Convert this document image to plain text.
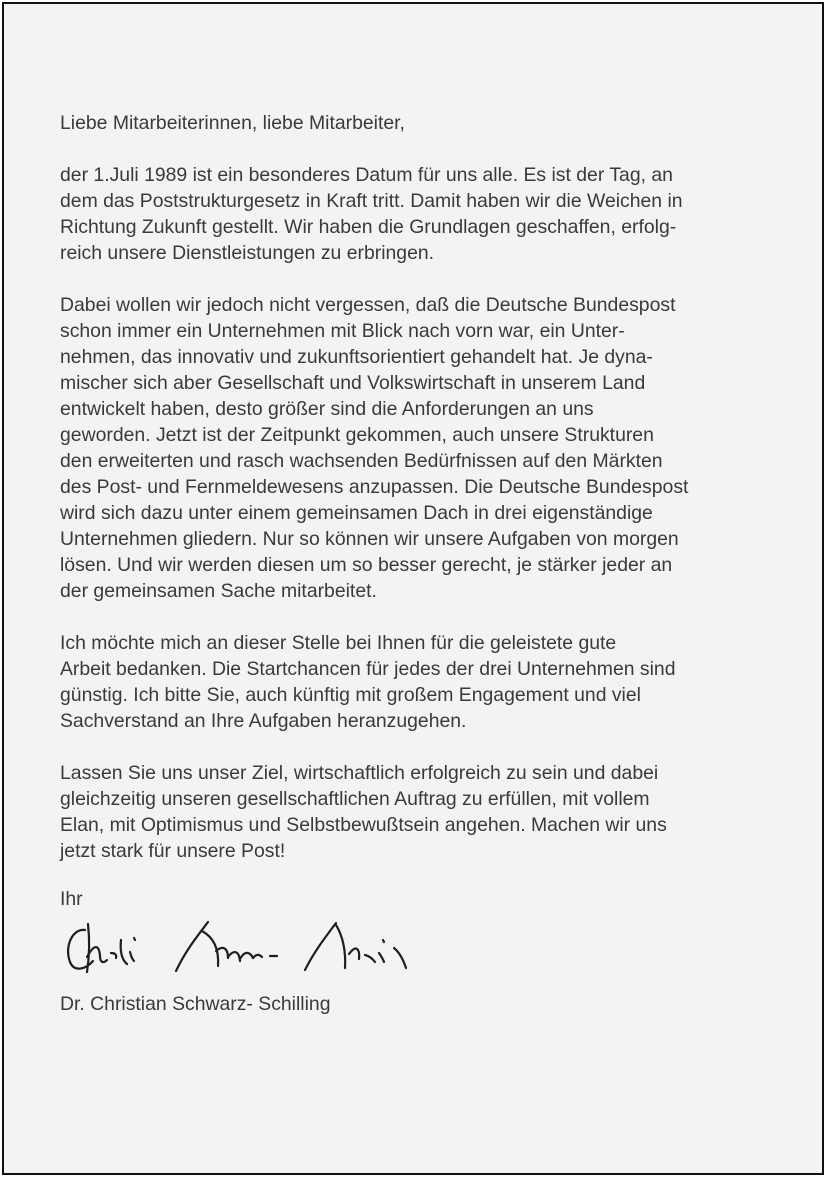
Liebe Mitarbeiterinnen, liebe Mitarbeiter,

der 1.Juli 1989 ist ein besonderes Datum für uns alle. Es ist der Tag, an
dem das Poststrukturgesetz in Kraft tritt. Damit haben wir die Weichen in
Richtung Zukunft gestellt. Wir haben die Grundlagen geschaffen, erfolg-
reich unsere Dienstleistungen zu erbringen.

Dabei wollen wir jedoch nicht vergessen, daß die Deutsche Bundespost
schon immer ein Unternehmen mit Blick nach vorn war, ein Unter-
nehmen, das innovativ und zukunftsorientiert gehandelt hat. Je dyna-
mischer sich aber Gesellschaft und Volkswirtschaft in unserem Land
entwickelt haben, desto größer sind die Anforderungen an uns
geworden. Jetzt ist der Zeitpunkt gekommen, auch unsere Strukturen
den erweiterten und rasch wachsenden Bedürfnissen auf den Märkten
des Post- und Fernmeldewesens anzupassen. Die Deutsche Bundespost
wird sich dazu unter einem gemeinsamen Dach in drei eigenständige
Unternehmen gliedern. Nur so können wir unsere Aufgaben von morgen
lösen. Und wir werden diesen um so besser gerecht, je stärker jeder an
der gemeinsamen Sache mitarbeitet.

Ich möchte mich an dieser Stelle bei Ihnen für die geleistete gute
Arbeit bedanken. Die Startchancen für jedes der drei Unternehmen sind
günstig. Ich bitte Sie, auch künftig mit großem Engagement und viel
Sachverstand an Ihre Aufgaben heranzugehen.

Lassen Sie uns unser Ziel, wirtschaftlich erfolgreich zu sein und dabei
gleichzeitig unseren gesellschaftlichen Auftrag zu erfüllen, mit vollem
Elan, mit Optimismus und Selbstbewußtsein angehen. Machen wir uns
jetzt stark für unsere Post!

Ihr
Dr. Christian Schwarz- Schilling
